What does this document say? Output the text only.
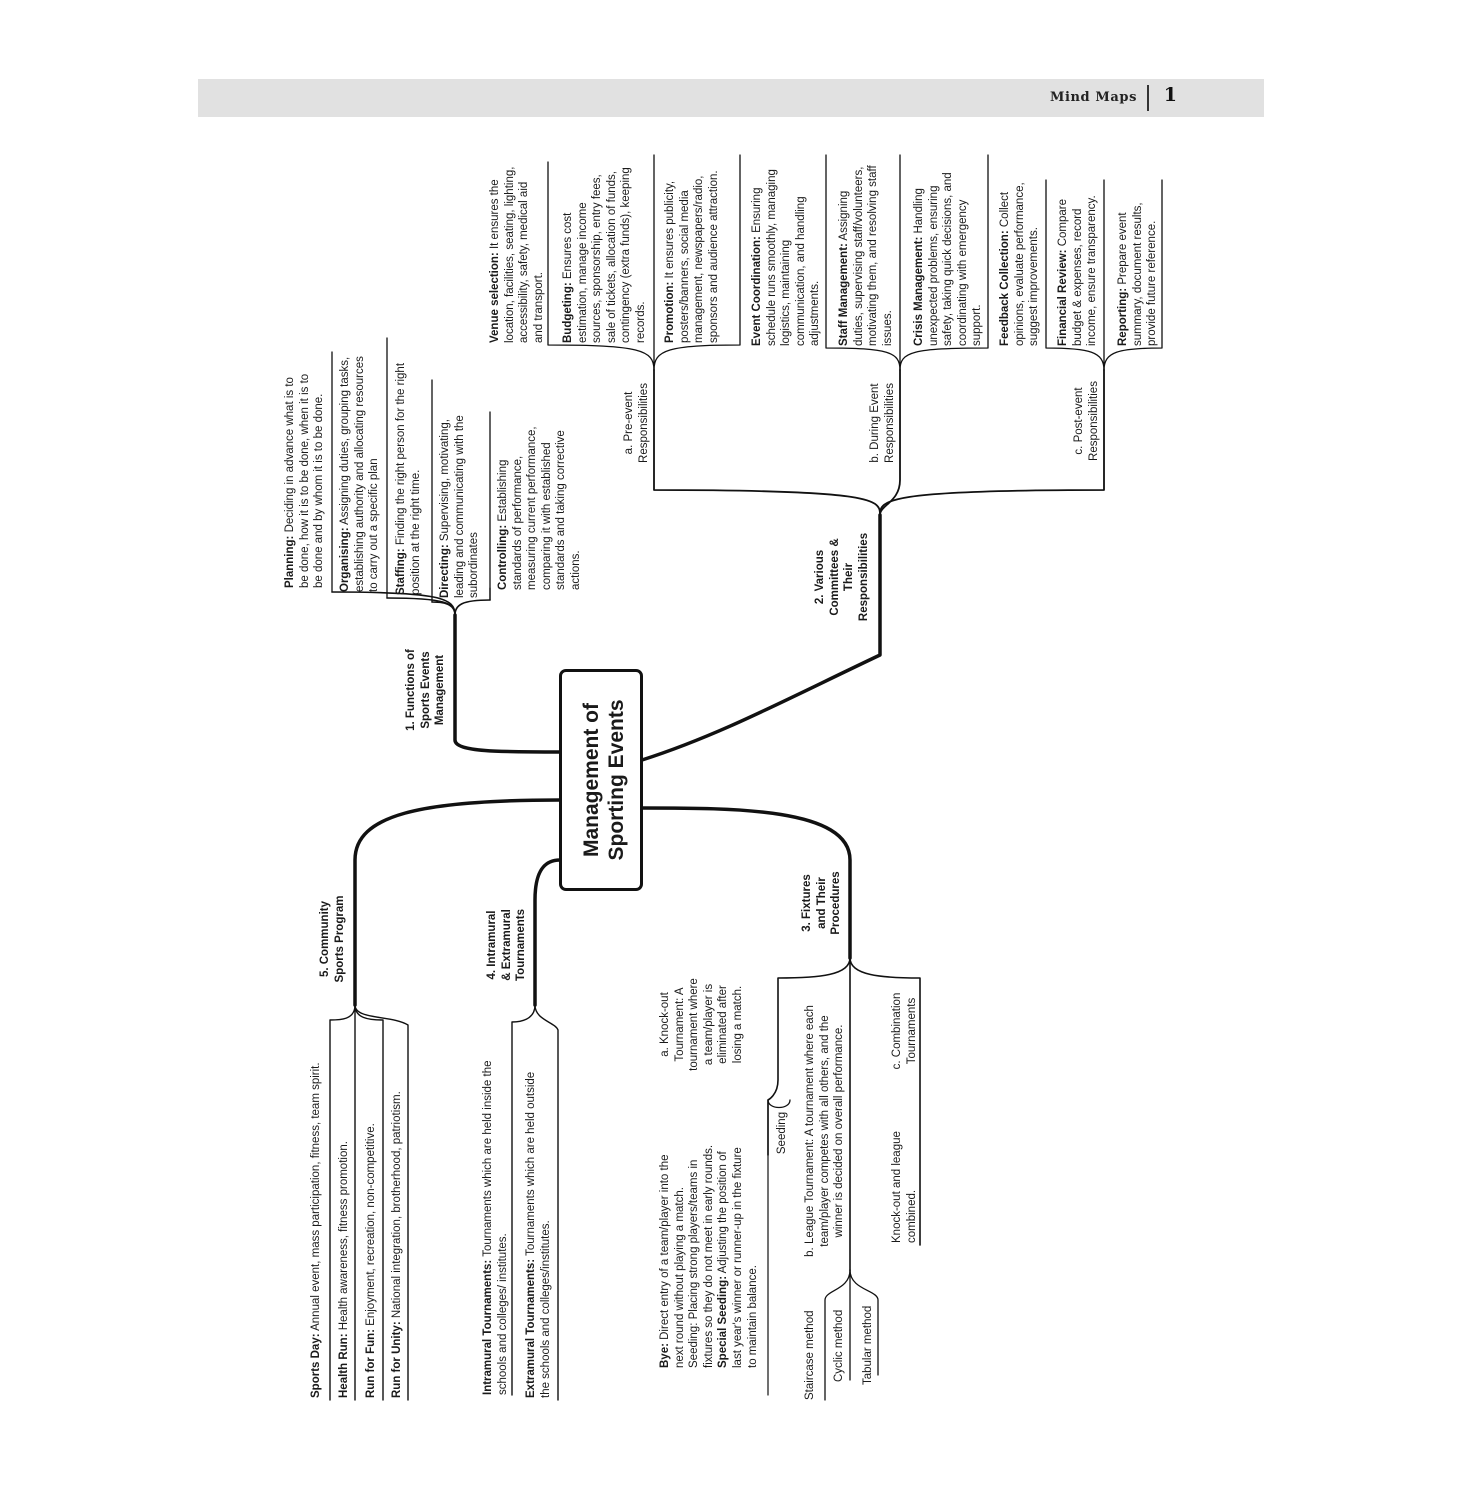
Mind Maps 1
Management of Sporting Events
1. Functions of Sports Events Management
Planning: Deciding in advance what is to be done, how it is to be done, when it is to be done and by whom it is to be done. Organising: Assigning duties, grouping tasks, establishing authority and allocating resources to carry out a specific plan Staffing: Finding the right person for the right position at the right time. Directing: Supervising, motivating, leading and communicating with the subordinates Controlling: Establishing standards of performance, measuring current performance, comparing it with established standards and taking corrective actions.	2. Various Committees & Their Responsibilities
a. Pre-event Responsibilities	b. During Event Responsibilities	c. Post-event Responsibilities
Venue selection: It ensures the location, facilities, seating, lighting, accessibility, safety, medical aid and transport. Budgeting: Ensures cost estimation, manage income sources, sponsorship, entry fees, sale of tickets, allocation of funds, contingency (extra funds), keeping records. Promotion: It ensures publicity, posters/banners, social media management, newspapers/radio, sponsors and audience attraction.	Event Coordination: Ensuring schedule runs smoothly, managing logistics, maintaining communication, and handling adjustments. Staff Management: Assigning duties, supervising staff/volunteers, motivating them, and resolving staff issues. Crisis Management: Handling unexpected problems, ensuring safety, taking quick decisions, and coordinating with emergency support. Feedback Collection: Collect opinions, evaluate performance, suggest improvements. Financial Review: Compare budget & expenses, record income, ensure transparency. Reporting: Prepare event summary, document results, provide future reference.
3. Fixtures and Their Procedures
a. Knock-out Tournament: A tournament where a team/player is eliminated after losing a match.
Seeding
Bye: Direct entry of a team/player into the next round without playing a match. Seeding: Placing strong players/teams in fixtures so they do not meet in early rounds. Special Seeding: Adjusting the position of last year's winner or runner-up in the fixture to maintain balance.
b. League Tournament: A tournament where each team/player competes with all others, and the winner is decided on overall performance.	c. Combination Tournaments
Knock-out and league combined.
Staircase method Cyclic method Tabular method
4. Intramural & Extramural Tournaments
Intramural Tournaments: Tournaments which are held inside the schools and colleges/ institutes. Extramural Tournaments: Tournaments which are held outside the schools and colleges/institutes.
5. Community Sports Program
Sports Day: Annual event, mass participation, fitness, team spirit.
Health Run: Health awareness, fitness promotion.
Run for Fun: Enjoyment, recreation, non-competitive.
Run for Unity: National integration, brotherhood, patriotism.
